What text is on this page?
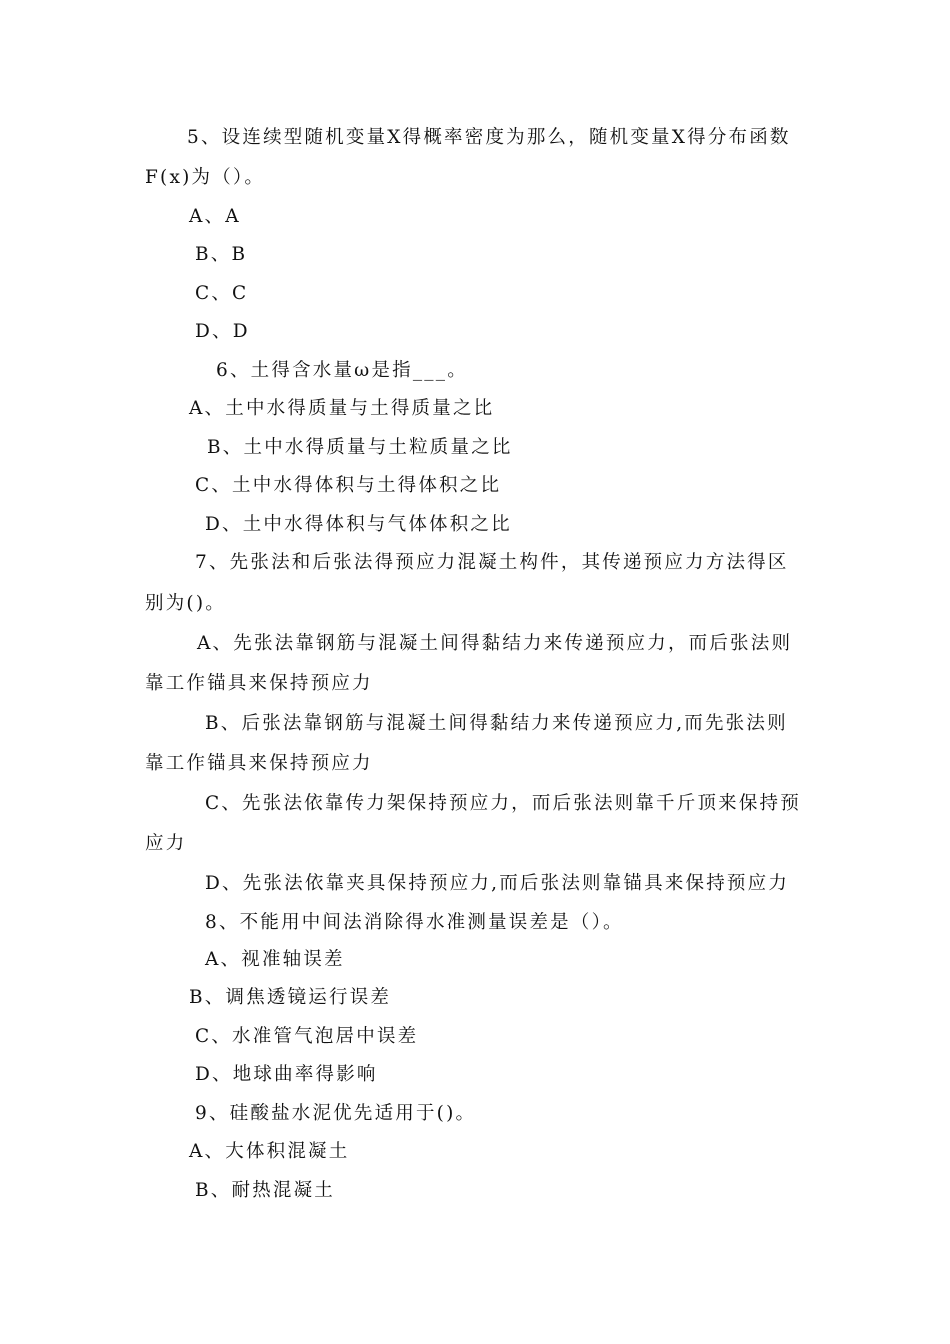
5、设连续型随机变量X得概率密度为那么，随机变量X得分布函数
F(x)为（）。
A、A
B、B
C、C
D、D
6、土得含水量ω是指___。
A、土中水得质量与土得质量之比
B、土中水得质量与土粒质量之比
C、土中水得体积与土得体积之比
D、土中水得体积与气体体积之比
7、先张法和后张法得预应力混凝土构件，其传递预应力方法得区
别为()。
A、先张法靠钢筋与混凝土间得黏结力来传递预应力，而后张法则
靠工作锚具来保持预应力
B、后张法靠钢筋与混凝土间得黏结力来传递预应力,而先张法则
靠工作锚具来保持预应力
C、先张法依靠传力架保持预应力，而后张法则靠千斤顶来保持预
应力
D、先张法依靠夹具保持预应力,而后张法则靠锚具来保持预应力
8、不能用中间法消除得水准测量误差是（）。
A、视准轴误差
B、调焦透镜运行误差
C、水准管气泡居中误差
D、地球曲率得影响
9、硅酸盐水泥优先适用于()。
A、大体积混凝土
B、耐热混凝土
